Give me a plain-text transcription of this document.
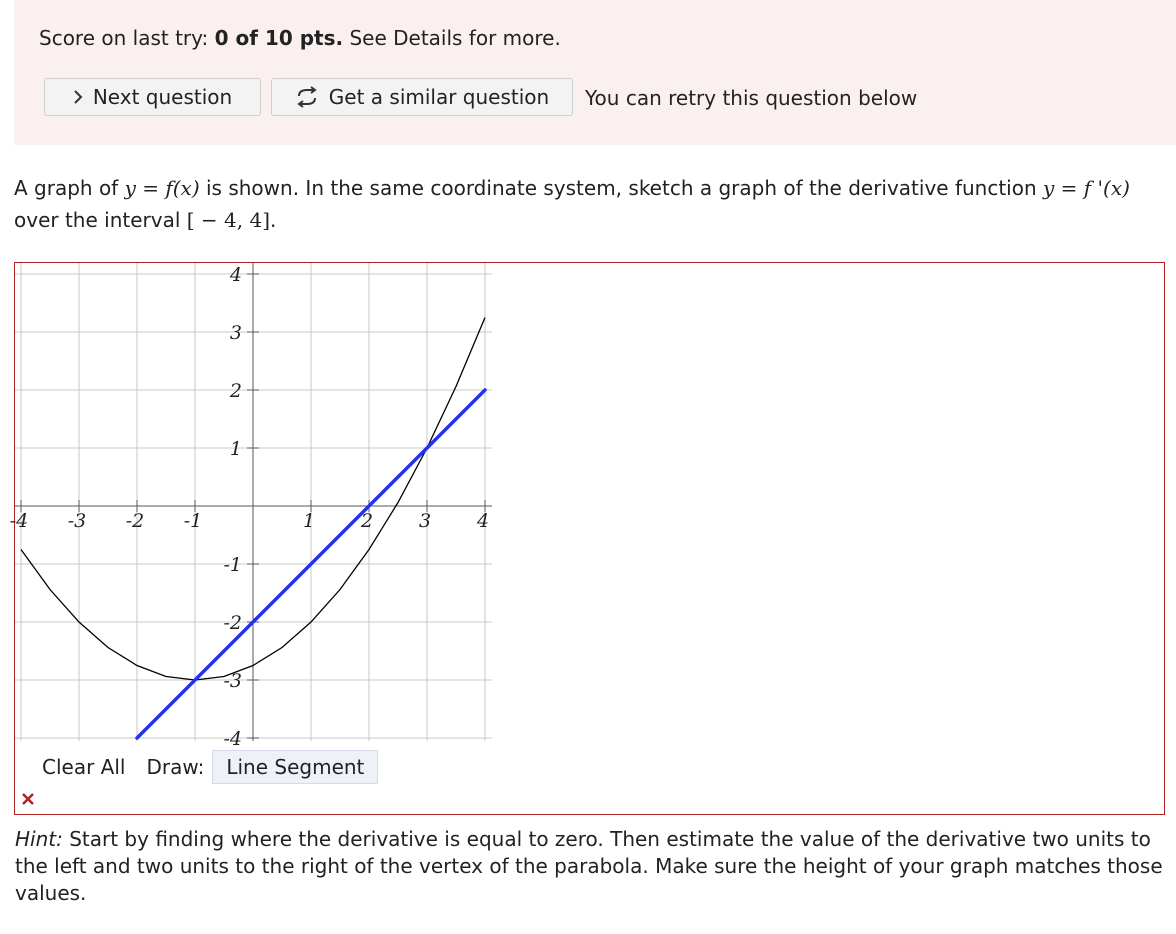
Score on last try: 0 of 10 pts. See Details for more.
Next question	Get a similar question You can retry this question below
A graph of y = f(x) is shown. In the same coordinate system, sketch a graph of the derivative function y = f '(x) over the interval [ − 4, 4].
-4 -3 -2 -1	1 2 3 4
4
3
2
1
-1
-2
-3
-4
Clear All	Draw:	Line Segment
Hint: Start by finding where the derivative is equal to zero. Then estimate the value of the derivative two units to the left and two units to the right of the vertex of the parabola. Make sure the height of your graph matches those values.
